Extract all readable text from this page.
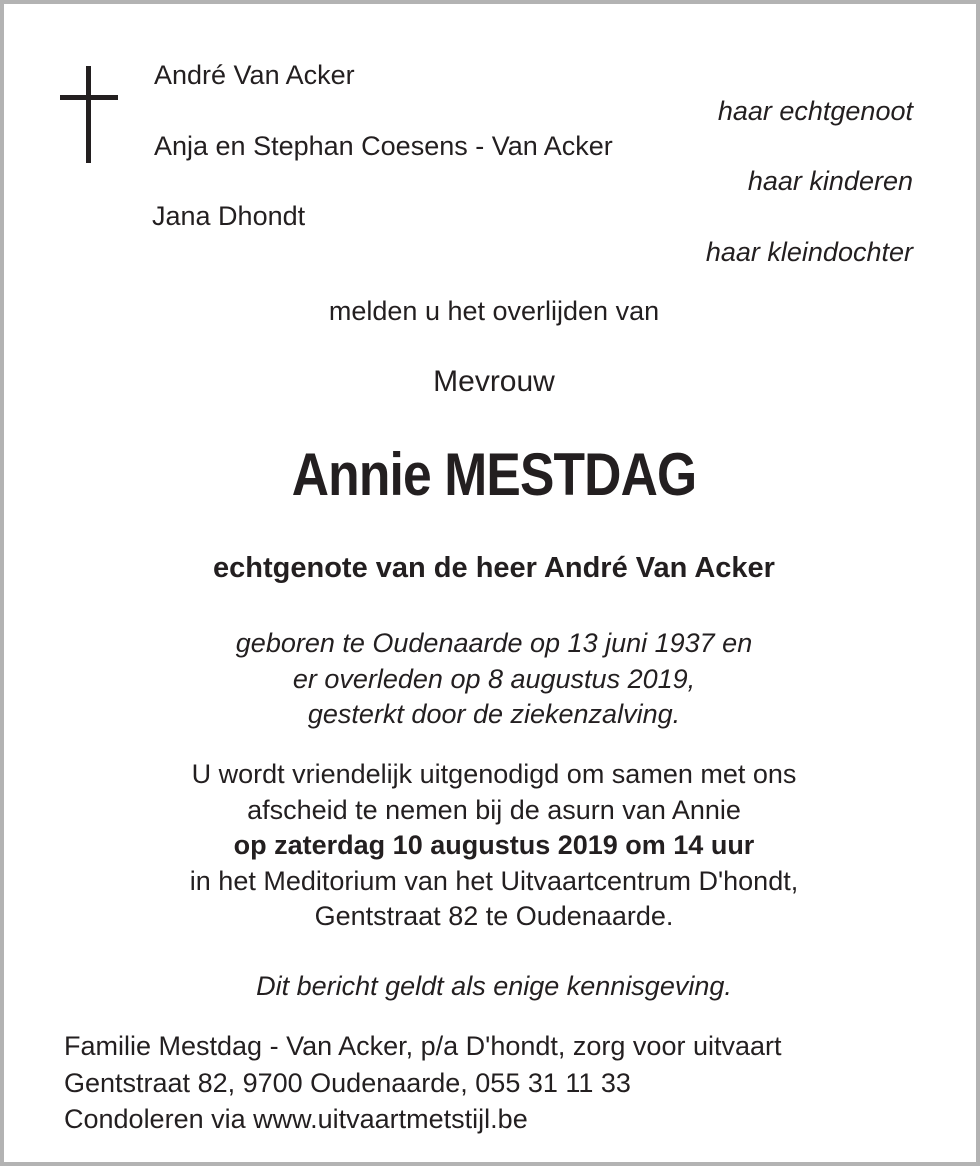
André Van Acker
haar echtgenoot
Anja en Stephan Coesens - Van Acker
haar kinderen
Jana Dhondt
haar kleindochter
melden u het overlijden van
Mevrouw
Annie MESTDAG
echtgenote van de heer André Van Acker
geboren te Oudenaarde op 13 juni 1937 en
er overleden op 8 augustus 2019,
gesterkt door de ziekenzalving.
U wordt vriendelijk uitgenodigd om samen met ons
afscheid te nemen bij de asurn van Annie
op zaterdag 10 augustus 2019 om 14 uur
in het Meditorium van het Uitvaartcentrum D'hondt,
Gentstraat 82 te Oudenaarde.
Dit bericht geldt als enige kennisgeving.
Familie Mestdag - Van Acker, p/a D'hondt, zorg voor uitvaart
Gentstraat 82, 9700 Oudenaarde, 055 31 11 33
Condoleren via www.uitvaartmetstijl.be
